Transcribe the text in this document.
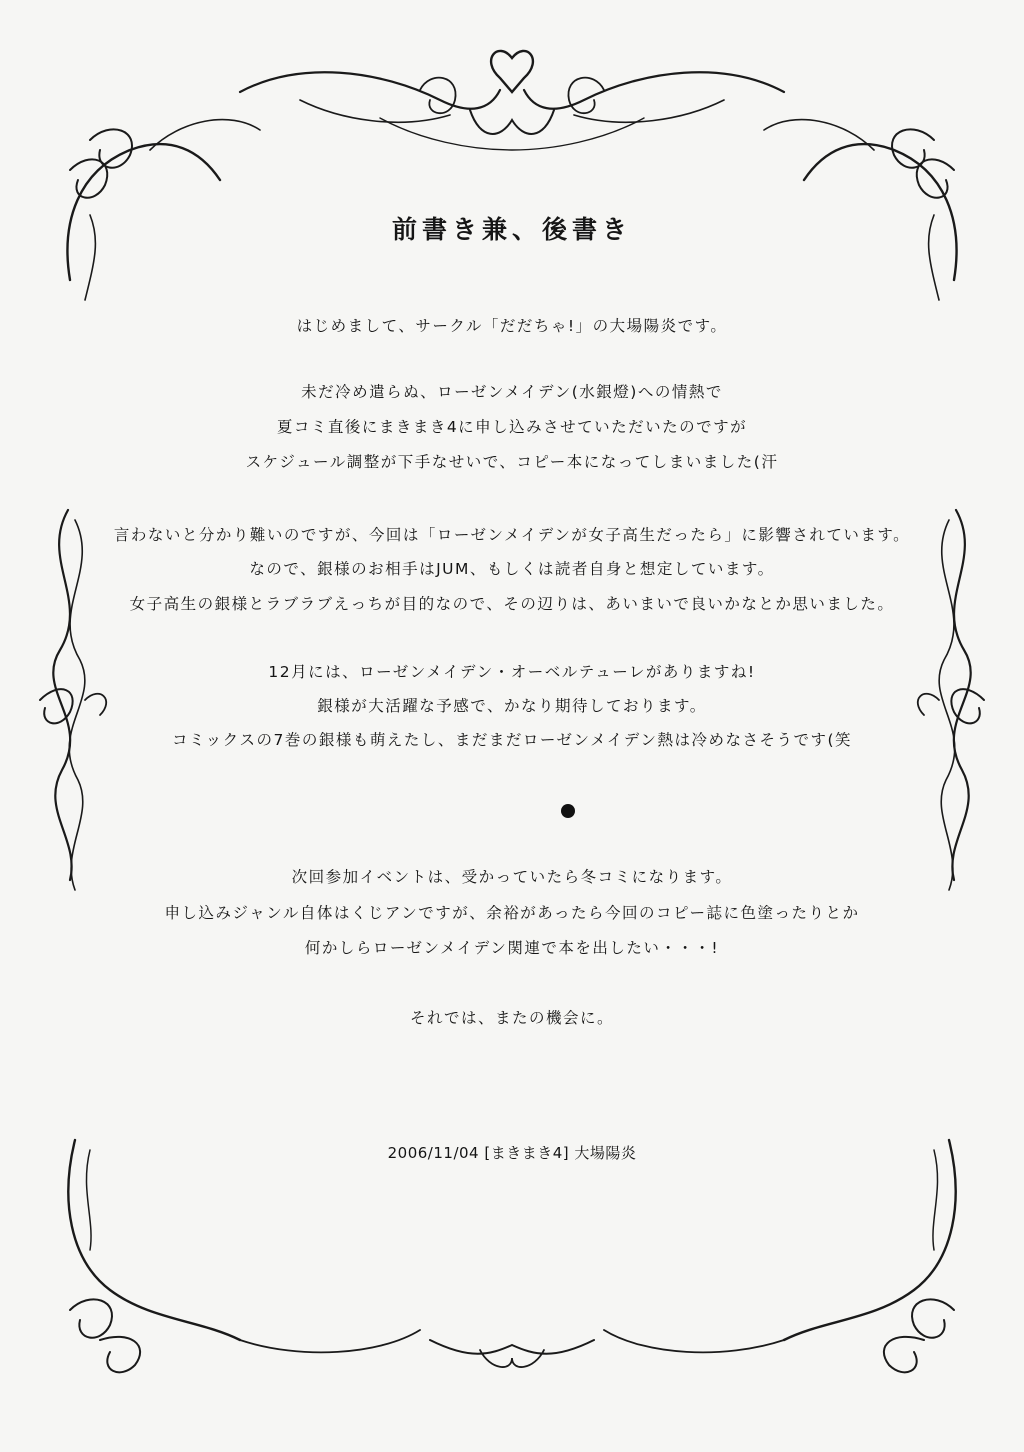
前書き兼、後書き
はじめまして、サークル「だだちゃ!」の大場陽炎です。
未だ冷め遣らぬ、ローゼンメイデン(水銀燈)への情熱で
夏コミ直後にまきまき4に申し込みさせていただいたのですが
スケジュール調整が下手なせいで、コピー本になってしまいました(汗
言わないと分かり難いのですが、今回は「ローゼンメイデンが女子高生だったら」に影響されています。
なので、銀様のお相手はJUM、もしくは読者自身と想定しています。
女子高生の銀様とラブラブえっちが目的なので、その辺りは、あいまいで良いかなとか思いました。
12月には、ローゼンメイデン・オーベルテューレがありますね!
銀様が大活躍な予感で、かなり期待しております。
コミックスの7巻の銀様も萌えたし、まだまだローゼンメイデン熱は冷めなさそうです(笑
次回参加イベントは、受かっていたら冬コミになります。
申し込みジャンル自体はくじアンですが、余裕があったら今回のコピー誌に色塗ったりとか
何かしらローゼンメイデン関連で本を出したい・・・!
それでは、またの機会に。
2006/11/04 [まきまき4] 大場陽炎
